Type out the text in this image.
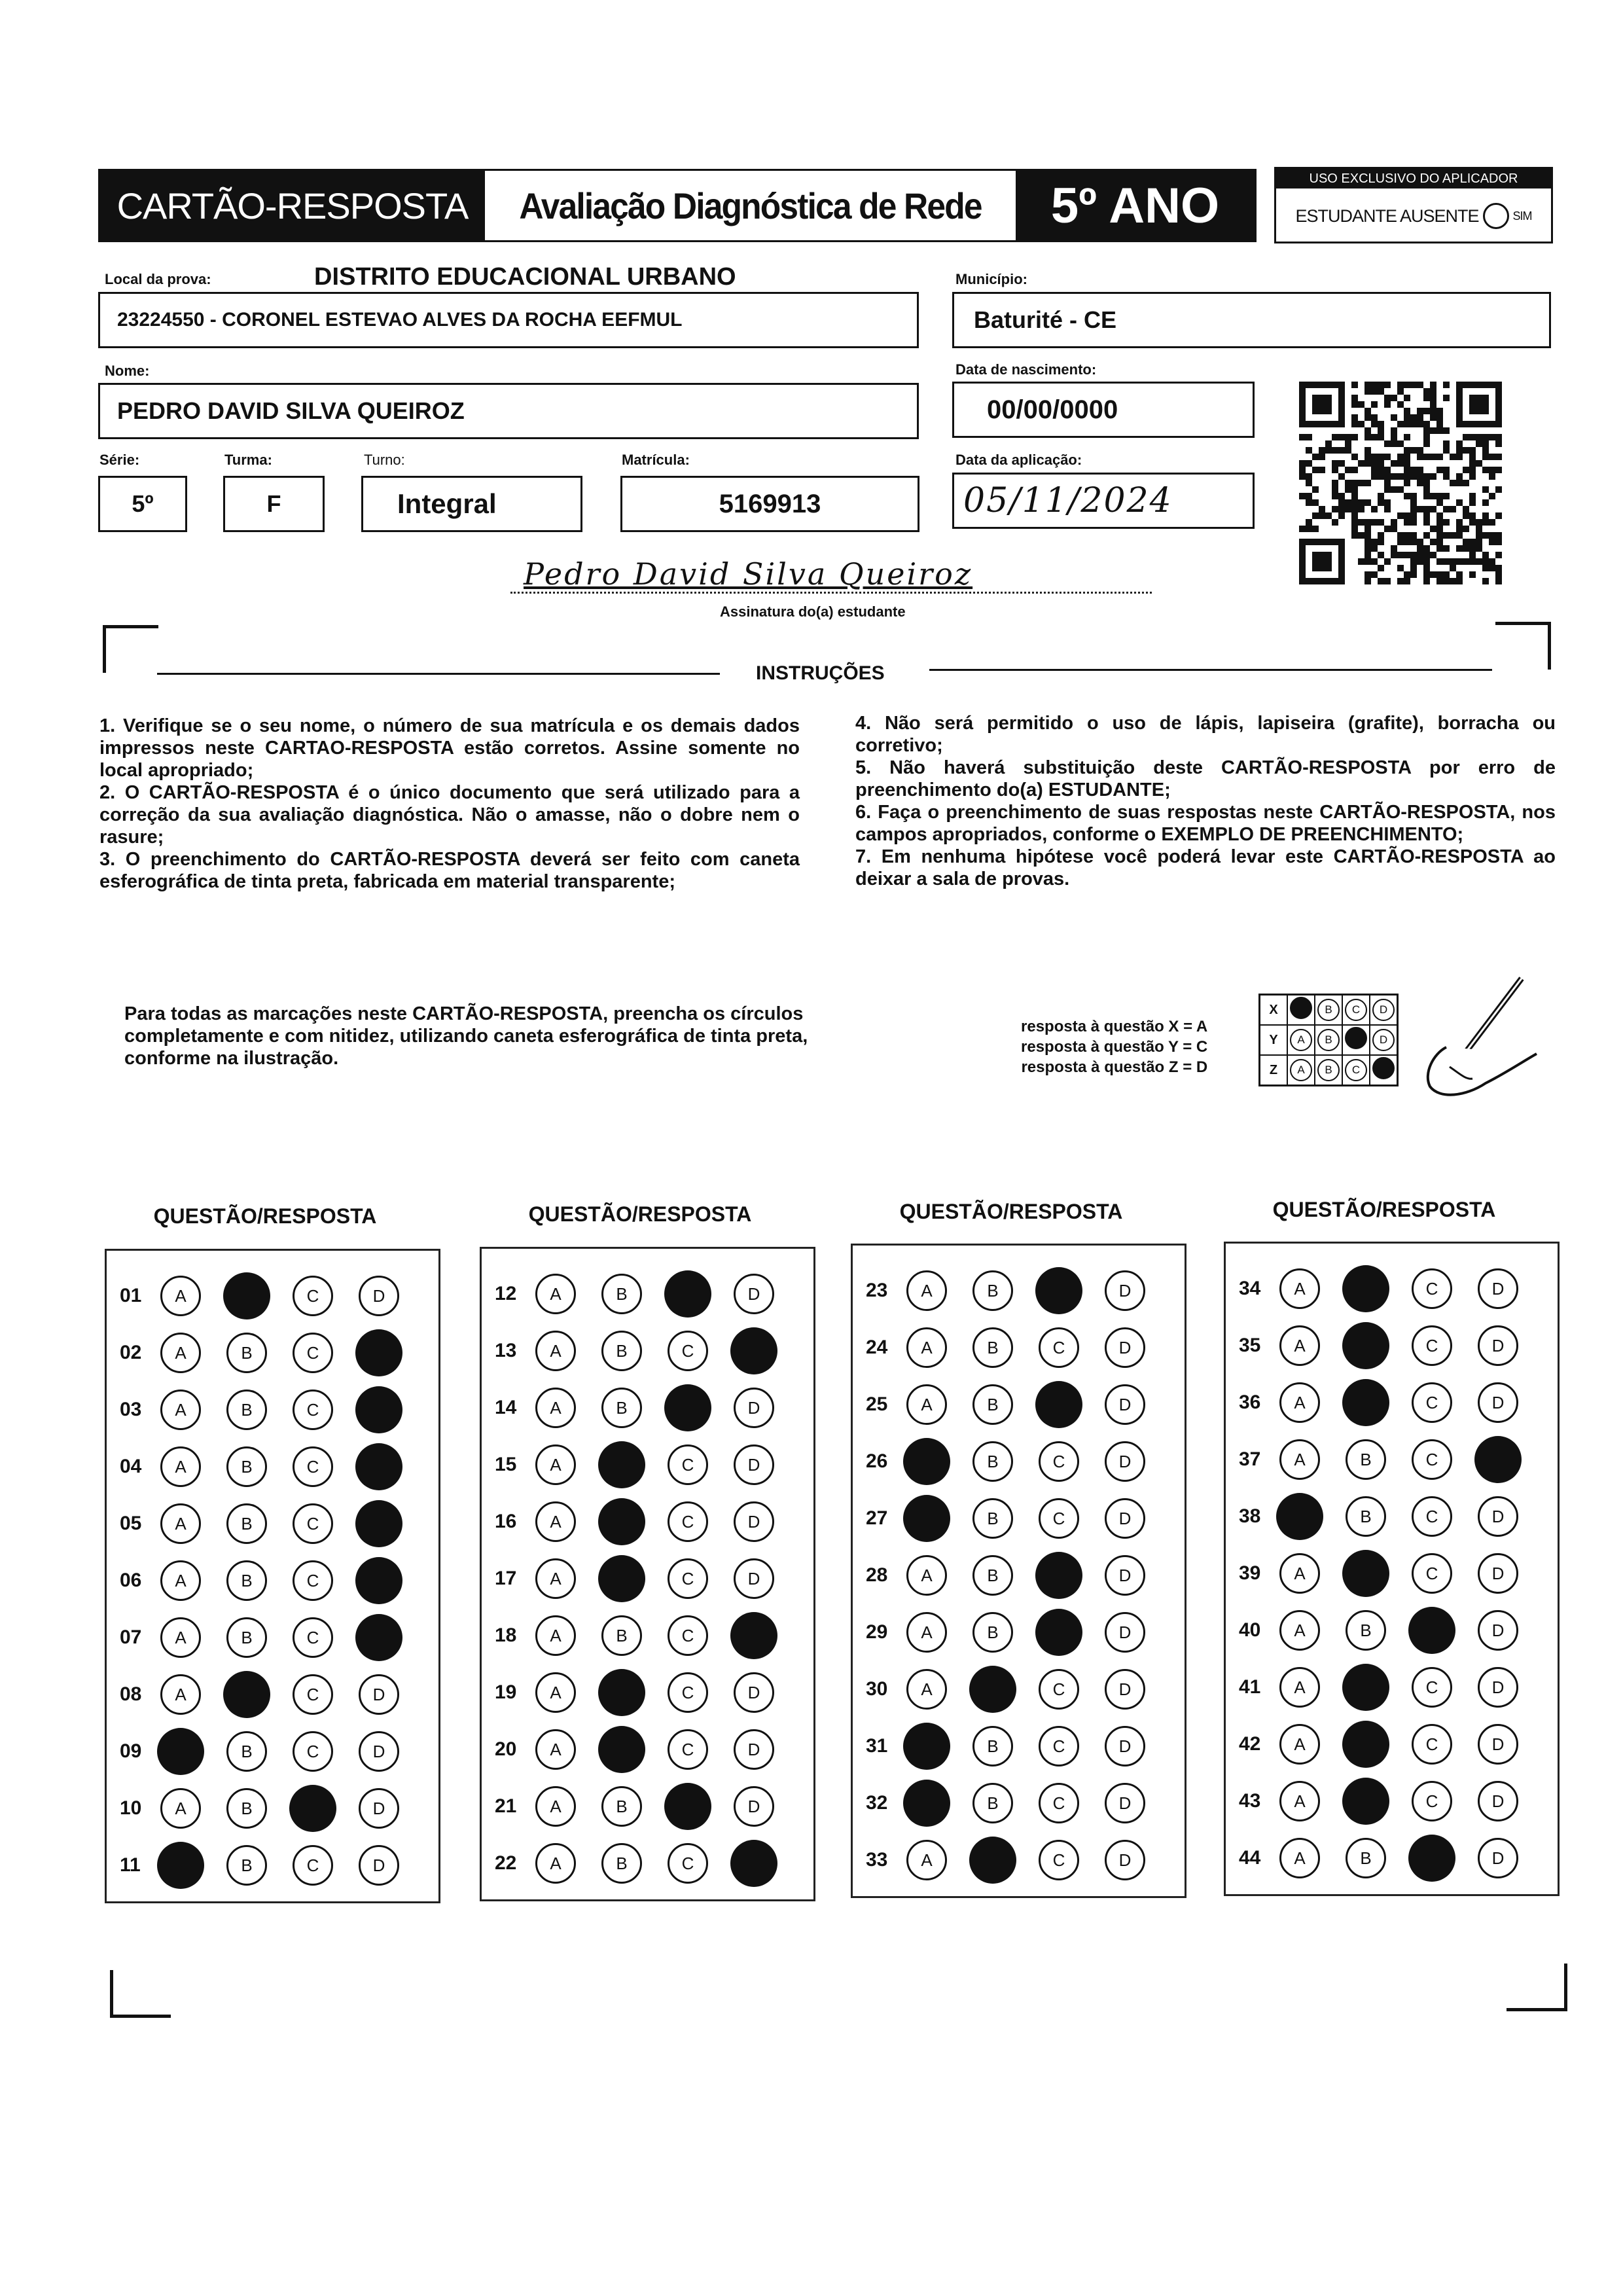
CARTÃO-RESPOSTA	Avaliação Diagnóstica de Rede	5º ANO	USO EXCLUSIVO DO APLICADOR
ESTUDANTE AUSENTE	SIM
Local da prova:	DISTRITO EDUCACIONAL URBANO
23224550 - CORONEL ESTEVAO ALVES DA ROCHA EEFMUL
Município:
Baturité - CE
Nome:
PEDRO DAVID SILVA QUEIROZ
Data de nascimento:
00/00/0000
Série:
5º
Turma:
F
Turno:
Integral
Matrícula:
5169913
Data da aplicação:
05/11/2024
Pedro David Silva Queiroz
Assinatura do(a) estudante
INSTRUÇÕES

1. Verifique se o seu nome, o número de sua matrícula e os demais dados impressos neste CARTAO-RESPOSTA estão corretos. Assine somente no local apropriado;

2. O CARTÃO-RESPOSTA é o único documento que será utilizado para a correção da sua avaliação diagnóstica. Não o amasse, não o dobre nem o rasure;

3. O preenchimento do CARTÃO-RESPOSTA deverá ser feito com caneta esferográfica de tinta preta, fabricada em material transparente;

4. Não será permitido o uso de lápis, lapiseira (grafite), borracha ou corretivo;

5. Não haverá substituição deste CARTÃO-RESPOSTA por erro de preenchimento do(a) ESTUDANTE;

6. Faça o preenchimento de suas respostas neste CARTÃO-RESPOSTA, nos campos apropriados, conforme o EXEMPLO DE PREENCHIMENTO;

7. Em nenhuma hipótese você poderá levar este CARTÃO-RESPOSTA ao deixar a sala de provas.

Para todas as marcações neste CARTÃO-RESPOSTA, preencha os círculos completamente e com nitidez, utilizando caneta esferográfica de tinta preta, conforme na ilustração.
resposta à questão X = A
resposta à questão Y = C
resposta à questão Z = D
X		B	C	D
Y	A	B		D
Z	A	B	C	
QUESTÃO/RESPOSTA
01	A	C	D
02	A	B	C
03	A	B	C
04	A	B	C
05	A	B	C
06	A	B	C
07	A	B	C
08	A	C	D
09	B	C	D
10	A	B	D
11	B	C	D
QUESTÃO/RESPOSTA
12	A	B	D
13	A	B	C
14	A	B	D
15	A	C	D
16	A	C	D
17	A	C	D
18	A	B	C
19	A	C	D
20	A	C	D
21	A	B	D
22	A	B	C
QUESTÃO/RESPOSTA
23	A	B	D
24	A	B	C	D
25	A	B	D
26	B	C	D
27	B	C	D
28	A	B	D
29	A	B	D
30	A	C	D
31	B	C	D
32	B	C	D
33	A	C	D
QUESTÃO/RESPOSTA
34	A	C	D
35	A	C	D
36	A	C	D
37	A	B	C
38	B	C	D
39	A	C	D
40	A	B	D
41	A	C	D
42	A	C	D
43	A	C	D
44	A	B	D
